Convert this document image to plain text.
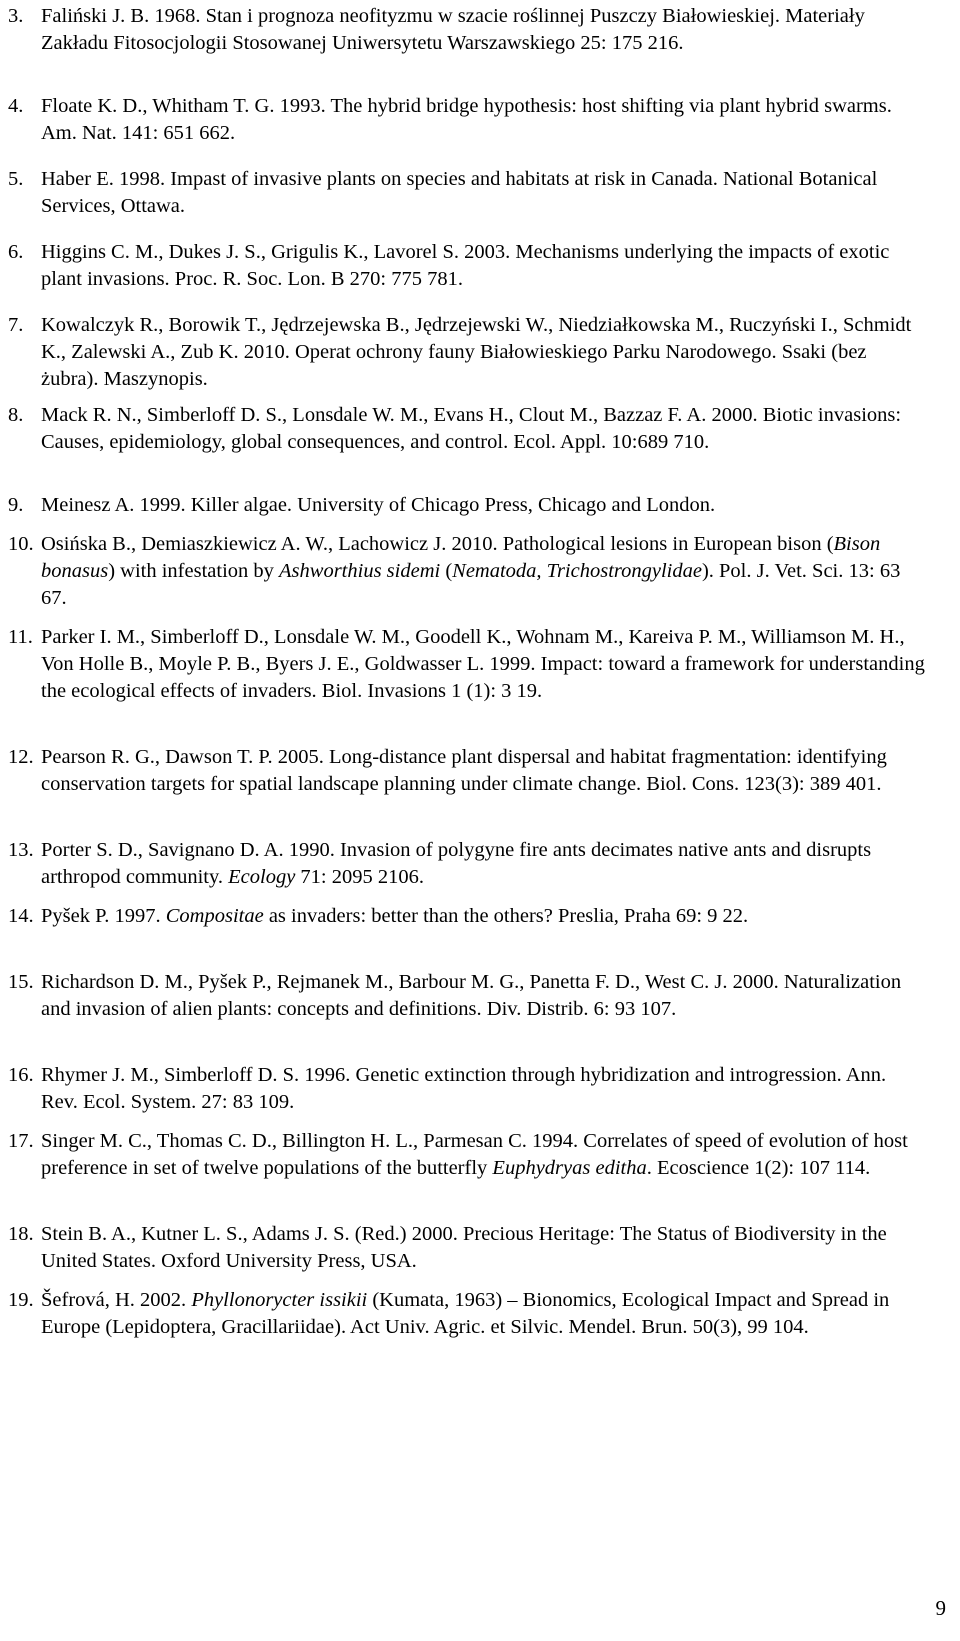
3. Faliński J. B. 1968. Stan i prognoza neofityzmu w szacie roślinnej Puszczy Białowieskiej. Materiały Zakładu Fitosocjologii Stosowanej Uniwersytetu Warszawskiego 25: 175 216.
4. Floate K. D., Whitham T. G. 1993. The hybrid bridge hypothesis: host shifting via plant hybrid swarms. Am. Nat. 141: 651 662.
5. Haber E. 1998. Impast of invasive plants on species and habitats at risk in Canada. National Botanical Services, Ottawa.
6. Higgins C. M., Dukes J. S., Grigulis K., Lavorel S. 2003. Mechanisms underlying the impacts of exotic plant invasions. Proc. R. Soc. Lon. B 270: 775 781.
7. Kowalczyk R., Borowik T., Jędrzejewska B., Jędrzejewski W., Niedziałkowska M., Ruczyński I., Schmidt K., Zalewski A., Zub K. 2010. Operat ochrony fauny Białowieskiego Parku Narodowego. Ssaki (bez żubra). Maszynopis.
8. Mack R. N., Simberloff D. S., Lonsdale W. M., Evans H., Clout M., Bazzaz F. A. 2000. Biotic invasions: Causes, epidemiology, global consequences, and control. Ecol. Appl. 10:689 710.
9. Meinesz A. 1999. Killer algae. University of Chicago Press, Chicago and London.
10. Osińska B., Demiaszkiewicz A. W., Lachowicz J. 2010. Pathological lesions in European bison (Bison bonasus) with infestation by Ashworthius sidemi (Nematoda, Trichostrongylidae). Pol. J. Vet. Sci. 13: 63 67.
11. Parker I. M., Simberloff D., Lonsdale W. M., Goodell K., Wohnam M., Kareiva P. M., Williamson M. H., Von Holle B., Moyle P. B., Byers J. E., Goldwasser L. 1999. Impact: toward a framework for understanding the ecological effects of invaders. Biol. Invasions 1 (1): 3 19.
12. Pearson R. G., Dawson T. P. 2005. Long-distance plant dispersal and habitat fragmentation: identifying conservation targets for spatial landscape planning under climate change. Biol. Cons. 123(3): 389 401.
13. Porter S. D., Savignano D. A. 1990. Invasion of polygyne fire ants decimates native ants and disrupts arthropod community. Ecology 71: 2095 2106.
14. Pyšek P. 1997. Compositae as invaders: better than the others? Preslia, Praha 69: 9 22.
15. Richardson D. M., Pyšek P., Rejmanek M., Barbour M. G., Panetta F. D., West C. J. 2000. Naturalization and invasion of alien plants: concepts and definitions. Div. Distrib. 6: 93 107.
16. Rhymer J. M., Simberloff D. S. 1996. Genetic extinction through hybridization and introgression. Ann. Rev. Ecol. System. 27: 83 109.
17. Singer M. C., Thomas C. D., Billington H. L., Parmesan C. 1994. Correlates of speed of evolution of host preference in set of twelve populations of the butterfly Euphydryas editha. Ecoscience 1(2): 107 114.
18. Stein B. A., Kutner L. S., Adams J. S. (Red.) 2000. Precious Heritage: The Status of Biodiversity in the United States. Oxford University Press, USA.
19. Šefrová, H. 2002. Phyllonorycter issikii (Kumata, 1963) – Bionomics, Ecological Impact and Spread in Europe (Lepidoptera, Gracillariidae). Act Univ. Agric. et Silvic. Mendel. Brun. 50(3), 99 104.
9
